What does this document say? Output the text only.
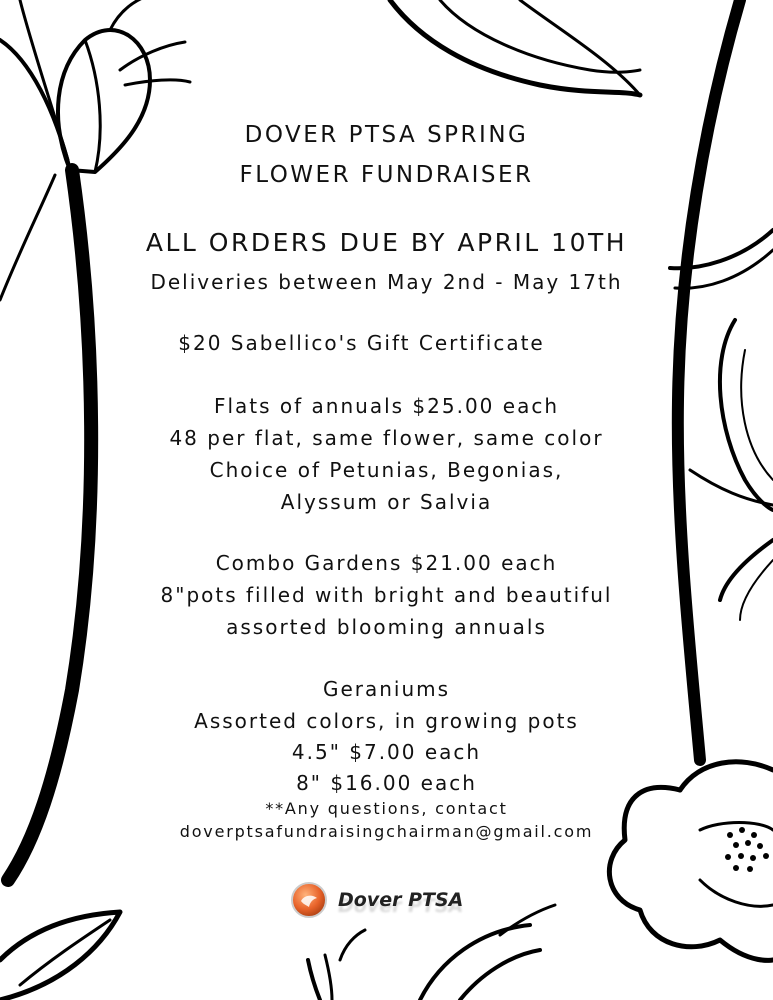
DOVER PTSA SPRING
FLOWER FUNDRAISER
ALL ORDERS DUE BY APRIL 10TH
Deliveries between May 2nd - May 17th
$20 Sabellico's Gift Certificate
Flats of annuals $25.00 each
48 per flat, same flower, same color
Choice of Petunias, Begonias,
Alyssum or Salvia
Combo Gardens $21.00 each
8"pots filled with bright and beautiful
assorted blooming annuals
Geraniums
Assorted colors, in growing pots
4.5" $7.00 each
8" $16.00 each
**Any questions, contact
doverptsafundraisingchairman@gmail.com
Dover PTSA
